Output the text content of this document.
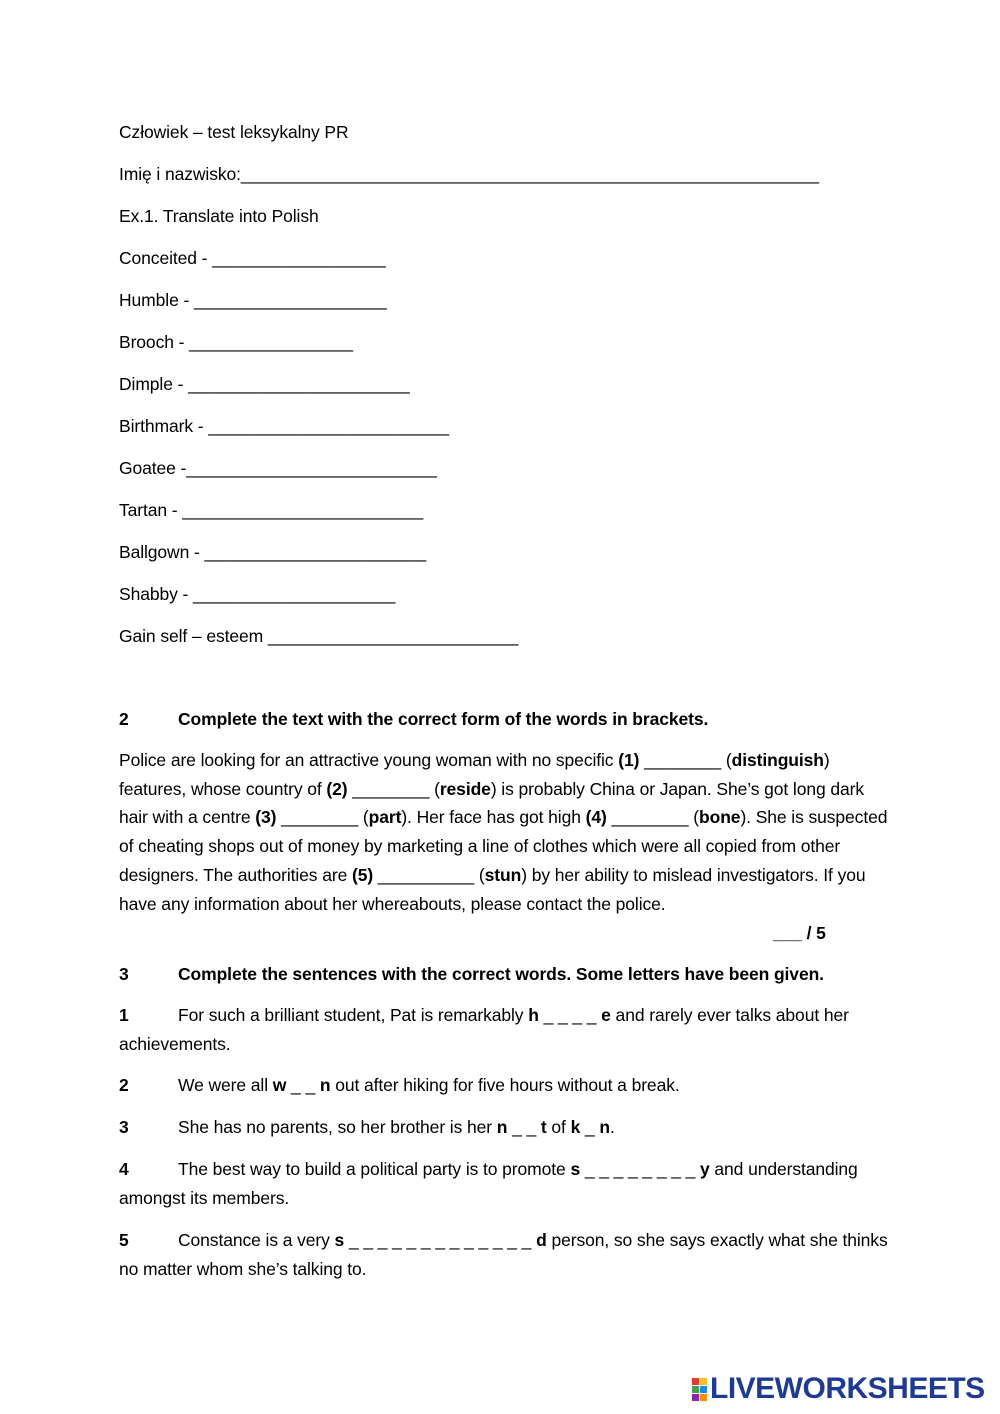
Człowiek – test leksykalny PR
Imię i nazwisko:____________________________________________________________
Ex.1. Translate into Polish
Conceited - __________________
Humble - ____________________
Brooch - _________________
Dimple - _______________________
Birthmark - _________________________
Goatee -__________________________
Tartan - _________________________
Ballgown - _______________________
Shabby - _____________________
Gain self – esteem __________________________
2	Complete the text with the correct form of the words in brackets.
Police are looking for an attractive young woman with no specific (1) ________ (distinguish) features, whose country of (2) ________ (reside) is probably China or Japan. She’s got long dark hair with a centre (3) ________ (part). Her face has got high (4) ________ (bone). She is suspected of cheating shops out of money by marketing a line of clothes which were all copied from other designers. The authorities are (5) __________ (stun) by her ability to mislead investigators. If you have any information about her whereabouts, please contact the police.
___ / 5
3	Complete the sentences with the correct words. Some letters have been given.
1	For such a brilliant student, Pat is remarkably h _ _ _ _ e and rarely ever talks about her achievements.
2	We were all w _ _ n out after hiking for five hours without a break.
3	She has no parents, so her brother is her n _ _ t of k _ n.
4	The best way to build a political party is to promote s _ _ _ _ _ _ _ _ y and understanding amongst its members.
5	Constance is a very s _ _ _ _ _ _ _ _ _ _ _ _ _ d person, so she says exactly what she thinks no matter whom she’s talking to.
LIVEWORKSHEETS
